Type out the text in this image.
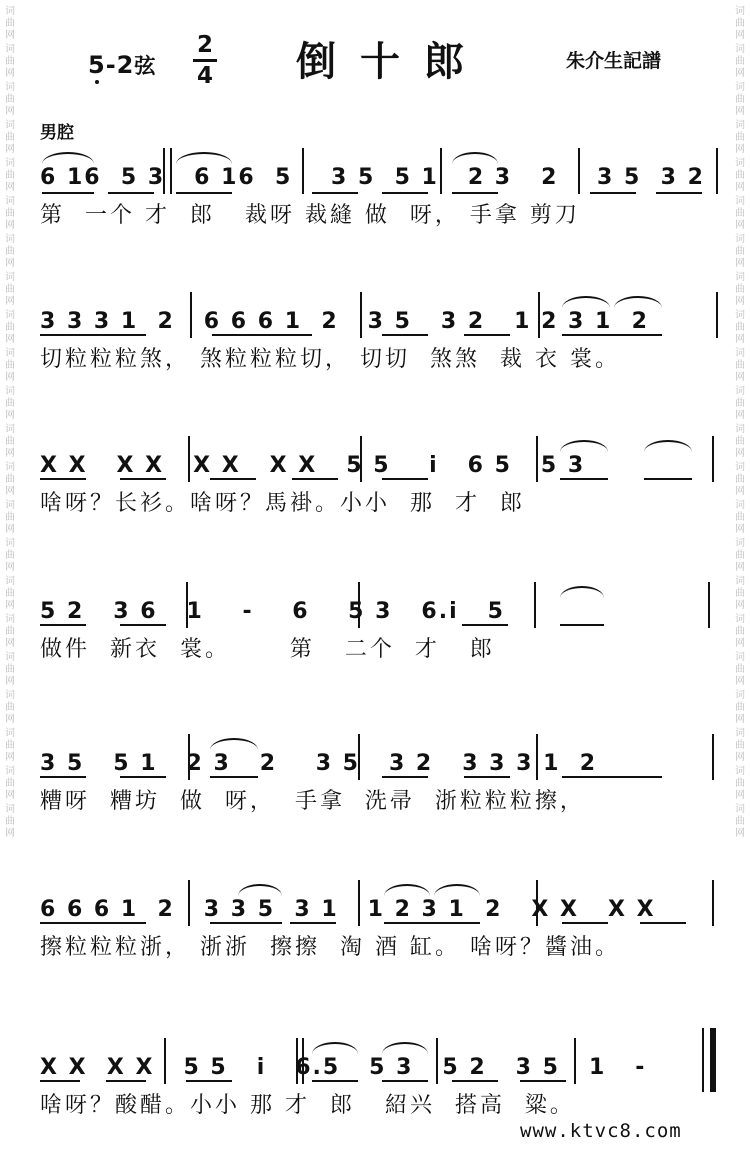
词曲网
词曲网
词曲网
词曲网
词曲网
词曲网
词曲网
词曲网
词曲网
词曲网
词曲网
词曲网
词曲网
词曲网
词曲网
词曲网
词曲网
词曲网
词曲网
词曲网
词曲网
词曲网
词曲网
词曲网
词曲网
词曲网
词曲网
词曲网
词曲网
词曲网
词曲网
词曲网
词曲网
词曲网
词曲网
词曲网
词曲网
词曲网
词曲网
词曲网
词曲网
词曲网
词曲网
词曲网
5-2弦
2
4 倒十郎	朱介生記譜
男腔
6 16  5 3   6 16  5    3 5  5 1   2 3   2    3 5  3 2
第  一个 才  郎   裁呀 裁縫 做  呀， 手拿 剪刀
3 3 3 1  2   6 6 6 1  2   3 5   3 2   1 2 3 1  2
切粒粒粒煞， 煞粒粒粒切， 切切  煞煞  裁 衣 裳。
X X   X X   X X   X X   5 5    i   6 5   5 3
啥呀？长衫。啥呀？馬褂。小小  那  才  郎
5 2   3 6   1    -    6    5 3   6.i   5
做件  新衣  裳。      第   二个  才   郎
3 5   5 1   2 3   2    3 5   3 2   3 3 3 1  2
糟呀  糟坊  做  呀，  手拿  洗帚  浙粒粒粒擦，
6 6 6 1  2   3 3 5  3 1   1 2 3 1  2   X X   X X
擦粒粒粒浙， 浙浙  擦擦  淘 酒 缸。 啥呀？醬油。
X X  X X   5 5   i   6.5   5 3   5 2   3 5   1   -
啥呀？酸醋。小小 那 才  郎   紹兴  搭高  粱。
www.ktvc8.com
